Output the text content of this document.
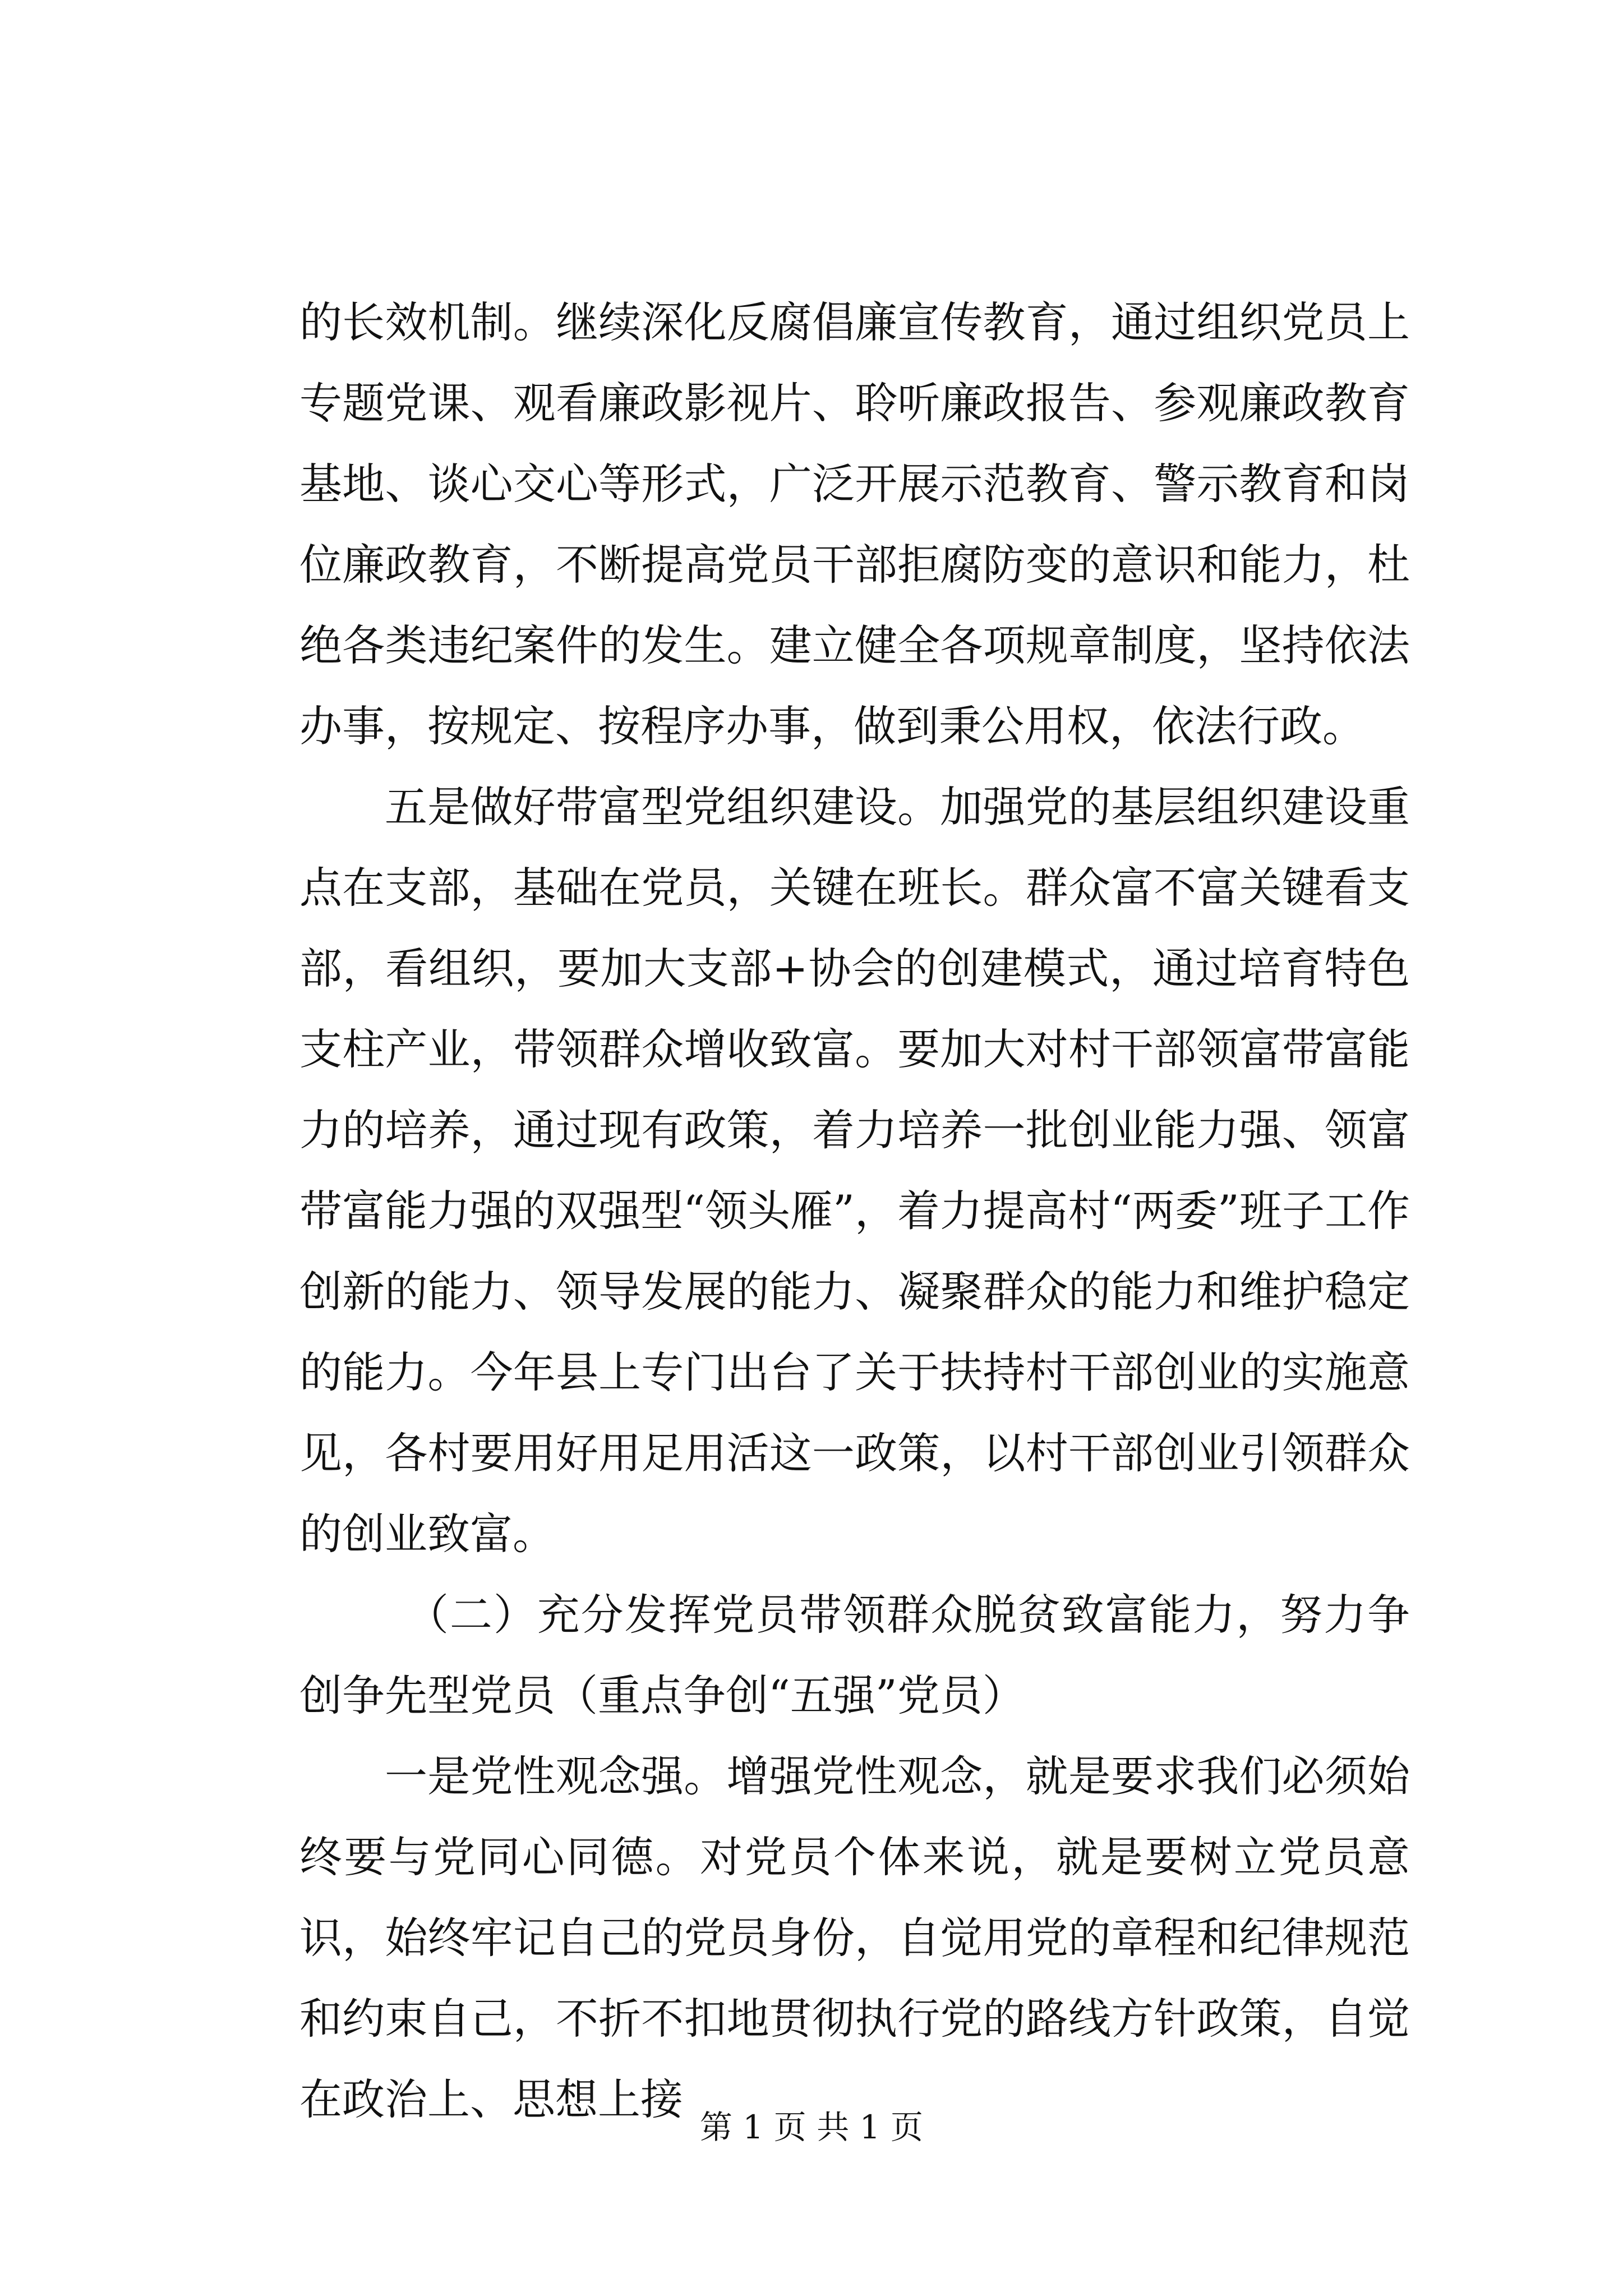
的长效机制。继续深化反腐倡廉宣传教育，通过组织党员上专题党课、观看廉政影视片、聆听廉政报告、参观廉政教育基地、谈心交心等形式，广泛开展示范教育、警示教育和岗位廉政教育，不断提高党员干部拒腐防变的意识和能力，杜绝各类违纪案件的发生。建立健全各项规章制度，坚持依法办事，按规定、按程序办事，做到秉公用权，依法行政。

五是做好带富型党组织建设。加强党的基层组织建设重点在支部，基础在党员，关键在班长。群众富不富关键看支部，看组织，要加大支部+协会的创建模式，通过培育特色支柱产业，带领群众增收致富。要加大对村干部领富带富能力的培养，通过现有政策，着力培养一批创业能力强、领富带富能力强的双强型“领头雁”，着力提高村“两委”班子工作创新的能力、领导发展的能力、凝聚群众的能力和维护稳定的能力。今年县上专门出台了关于扶持村干部创业的实施意见，各村要用好用足用活这一政策，以村干部创业引领群众的创业致富。

（二）充分发挥党员带领群众脱贫致富能力，努力争创争先型党员（重点争创“五强”党员）

一是党性观念强。增强党性观念，就是要求我们必须始终要与党同心同德。对党员个体来说，就是要树立党员意识，始终牢记自己的党员身份，自觉用党的章程和纪律规范和约束自己，不折不扣地贯彻执行党的路线方针政策，自觉在政治上、思想上接

第 1 页 共 1 页
